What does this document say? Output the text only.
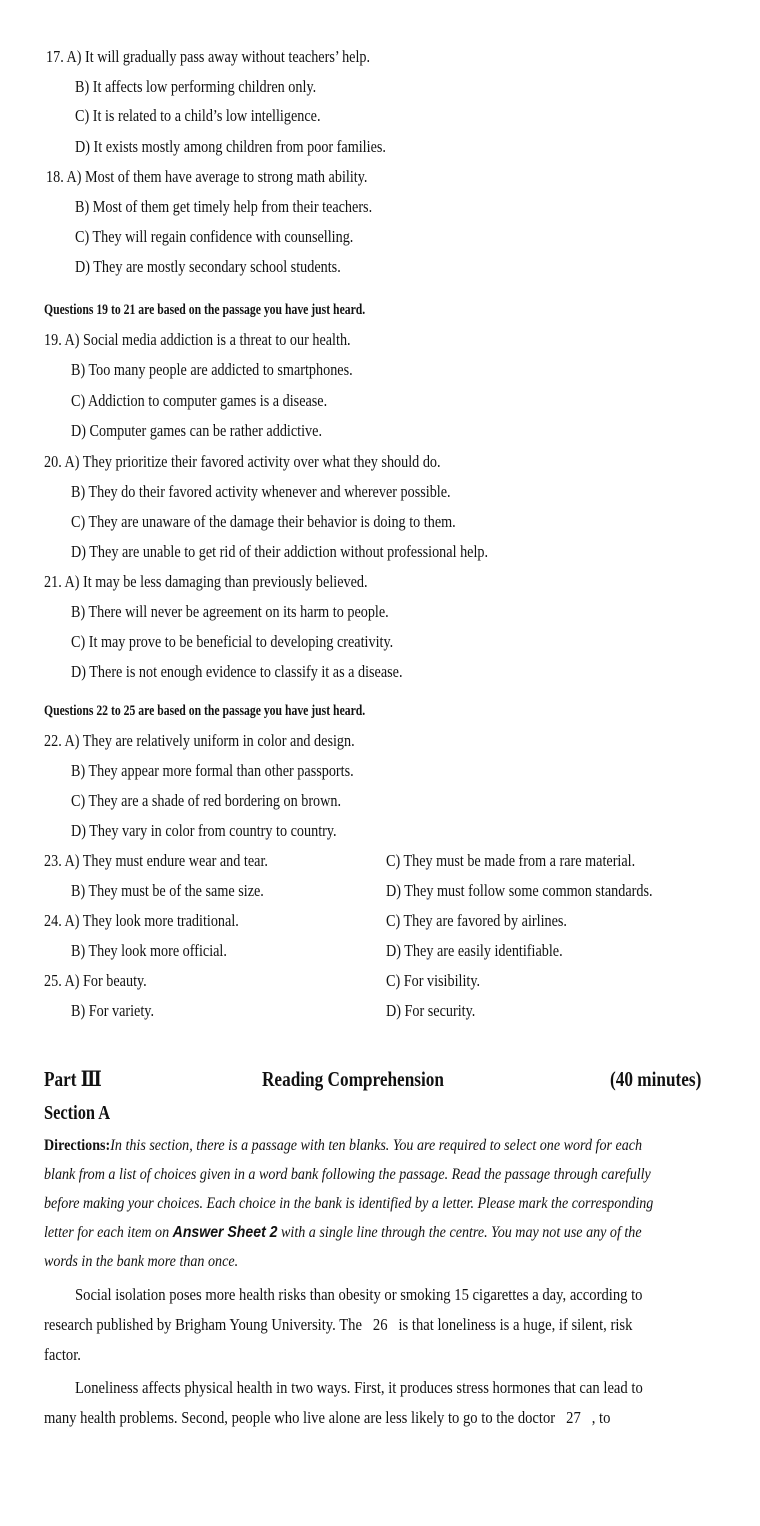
17. A) It will gradually pass away without teachers’ help.
B) It affects low performing children only.
C) It is related to a child’s low intelligence.
D) It exists mostly among children from poor families.
18. A) Most of them have average to strong math ability.
B) Most of them get timely help from their teachers.
C) They will regain confidence with counselling.
D) They are mostly secondary school students.
Questions 19 to 21 are based on the passage you have just heard.
19. A) Social media addiction is a threat to our health.
B) Too many people are addicted to smartphones.
C) Addiction to computer games is a disease.
D) Computer games can be rather addictive.
20. A) They prioritize their favored activity over what they should do.
B) They do their favored activity whenever and wherever possible.
C) They are unaware of the damage their behavior is doing to them.
D) They are unable to get rid of their addiction without professional help.
21. A) It may be less damaging than previously believed.
B) There will never be agreement on its harm to people.
C) It may prove to be beneficial to developing creativity.
D) There is not enough evidence to classify it as a disease.
Questions 22 to 25 are based on the passage you have just heard.
22. A) They are relatively uniform in color and design.
B) They appear more formal than other passports.
C) They are a shade of red bordering on brown.
D) They vary in color from country to country.
23. A) They must endure wear and tear.	C) They must be made from a rare material.
B) They must be of the same size.	D) They must follow some common standards.
24. A) They look more traditional.	C) They are favored by airlines.
B) They look more official.	D) They are easily identifiable.
25. A) For beauty.	C) For visibility.
B) For variety.	D) For security.
Part Ⅲ	Reading Comprehension	(40 minutes)
Section A
Directions:In this section, there is a passage with ten blanks. You are required to select one word for each
blank from a list of choices given in a word bank following the passage. Read the passage through carefully
before making your choices. Each choice in the bank is identified by a letter. Please mark the corresponding
letter for each item on Answer Sheet 2 with a single line through the centre. You may not use any of the
words in the bank more than once.
Social isolation poses more health risks than obesity or smoking 15 cigarettes a day, according to
research published by Brigham Young University. The   26   is that loneliness is a huge, if silent, risk
factor.
Loneliness affects physical health in two ways. First, it produces stress hormones that can lead to
many health problems. Second, people who live alone are less likely to go to the doctor   27   , to
